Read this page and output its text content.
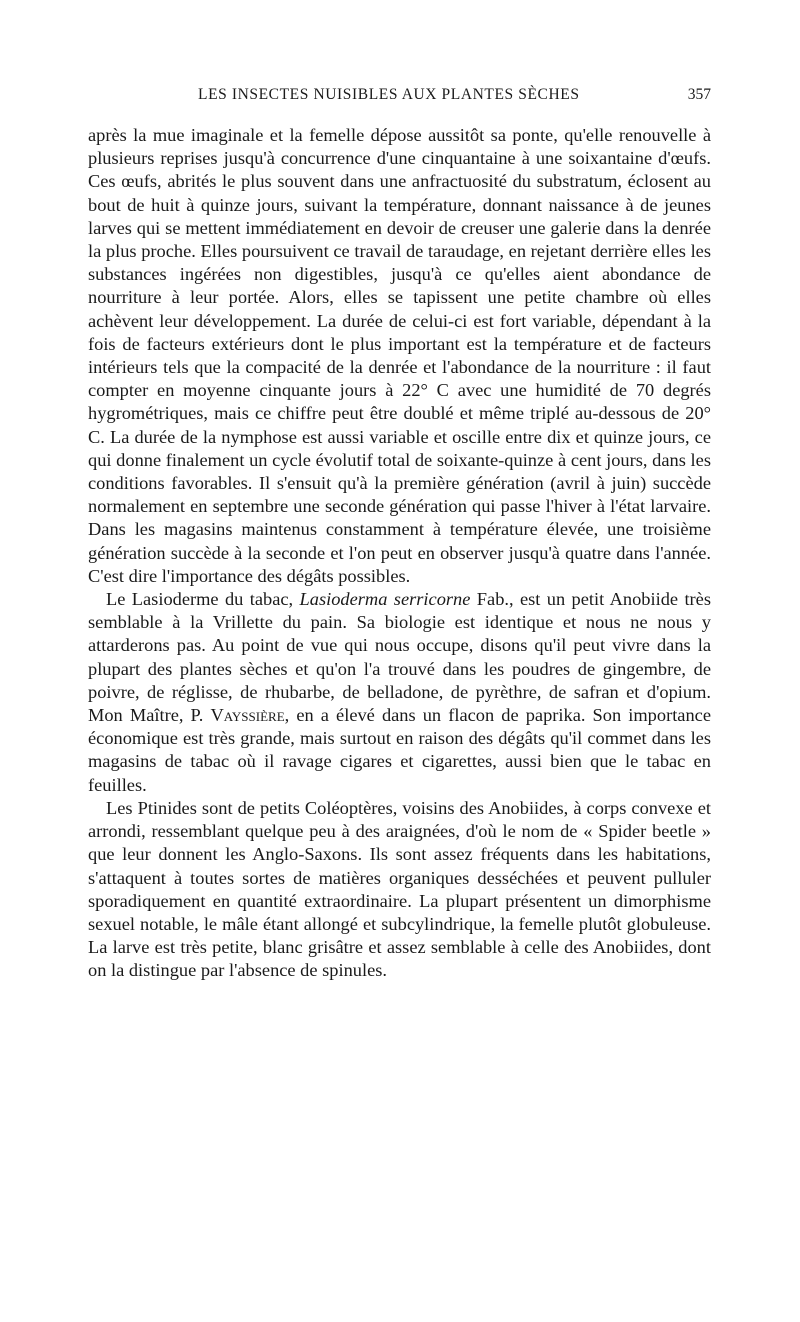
LES INSECTES NUISIBLES AUX PLANTES SÈCHES	357

après la mue imaginale et la femelle dépose aussitôt sa ponte, qu'elle renouvelle à plusieurs reprises jusqu'à concurrence d'une cinquantaine à une soixantaine d'œufs. Ces œufs, abrités le plus souvent dans une anfractuosité du substratum, éclosent au bout de huit à quinze jours, suivant la température, donnant naissance à de jeunes larves qui se mettent immédiatement en devoir de creuser une galerie dans la denrée la plus proche. Elles poursuivent ce travail de taraudage, en rejetant derrière elles les substances ingérées non digestibles, jusqu'à ce qu'elles aient abondance de nourriture à leur portée. Alors, elles se tapissent une petite chambre où elles achèvent leur développement. La durée de celui-ci est fort variable, dépendant à la fois de facteurs extérieurs dont le plus important est la température et de facteurs intérieurs tels que la compacité de la denrée et l'abondance de la nourriture : il faut compter en moyenne cinquante jours à 22° C avec une humidité de 70 degrés hygrométriques, mais ce chiffre peut être doublé et même triplé au-dessous de 20° C. La durée de la nymphose est aussi variable et oscille entre dix et quinze jours, ce qui donne finalement un cycle évolutif total de soixante-quinze à cent jours, dans les conditions favorables. Il s'ensuit qu'à la première génération (avril à juin) succède normalement en septembre une seconde génération qui passe l'hiver à l'état larvaire. Dans les magasins maintenus constamment à température élevée, une troisième génération succède à la seconde et l'on peut en observer jusqu'à quatre dans l'année. C'est dire l'importance des dégâts possibles.

Le Lasioderme du tabac, Lasioderma serricorne Fab., est un petit Anobiide très semblable à la Vrillette du pain. Sa biologie est identique et nous ne nous y attarderons pas. Au point de vue qui nous occupe, disons qu'il peut vivre dans la plupart des plantes sèches et qu'on l'a trouvé dans les poudres de gingembre, de poivre, de réglisse, de rhubarbe, de belladone, de pyrèthre, de safran et d'opium. Mon Maître, P. Vayssière, en a élevé dans un flacon de paprika. Son importance économique est très grande, mais surtout en raison des dégâts qu'il commet dans les magasins de tabac où il ravage cigares et cigarettes, aussi bien que le tabac en feuilles.

Les Ptinides sont de petits Coléoptères, voisins des Anobiides, à corps convexe et arrondi, ressemblant quelque peu à des araignées, d'où le nom de « Spider beetle » que leur donnent les Anglo-Saxons. Ils sont assez fréquents dans les habitations, s'attaquent à toutes sortes de matières organiques desséchées et peuvent pulluler sporadiquement en quantité extraordinaire. La plupart présentent un dimorphisme sexuel notable, le mâle étant allongé et subcylindrique, la femelle plutôt globuleuse. La larve est très petite, blanc grisâtre et assez semblable à celle des Anobiides, dont on la distingue par l'absence de spinules.
